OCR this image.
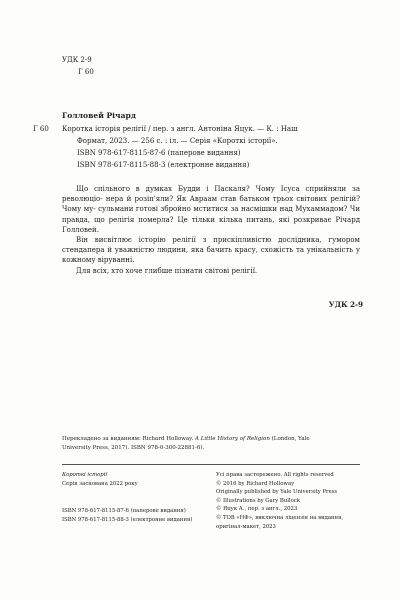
УДК 2-9
Г 60
Голловей Річард
Г 60 Коротка історія релігії / пер. з англ. Антоніна Яцук. — К. : Наш
Формат, 2023. — 256 с. : іл. — Серія «Короткі історії».
ISBN 978-617-8115-87-6 (паперове видання)
ISBN 978-617-8115-88-3 (електронне видання)

Що спільного в думках Будди і Паскаля? Чому Ісуса сприйняли за революціо- нера й розіп'яли? Як Авраам став батьком трьох світових релігій? Чому му- сульмани готові збройно мститися за насмішки над Мухаммадом? Чи правда, що релігія померла? Це тільки кілька питань, які розкриває Річард Голловей.

Він висвітлює історію релігії з прискіпливістю дослідника, гумором стендапера й уважністю людини, яка бачить красу, схожість та унікальність у кожному віруванні.

Для всіх, хто хоче глибше пізнати світові релігії.

УДК 2-9
Перекладено за виданням: Richard Holloway. A Little History of Religion (London, Yale
University Press, 2017). ISBN 978-0-300-22881-6).
Короткі історії
Серія заснована 2022 року
ISBN 978-617-8115-87-6 (паперове видання)
ISBN 978-617-8115-88-3 (електронне видання)
Усі права застережено. All rights reserved
© 2016 by Richard Holloway
Originally published by Yale University Press
© Illustrations by Gary Bullock
© Яцук А., пер. з англ., 2023
© ТОВ «НФ», виключна ліцензія на видання,
оригінал-макет, 2023
